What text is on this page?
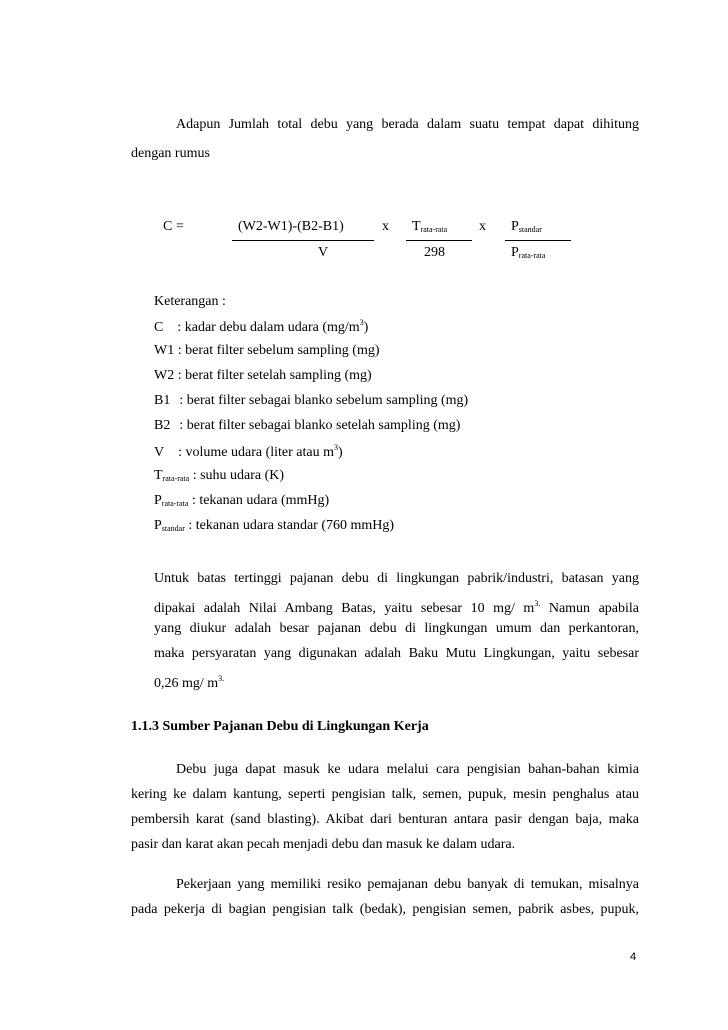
Adapun Jumlah total debu yang berada dalam suatu tempat dapat dihitung
dengan rumus
C =	(W2-W1)-(B2-B1)
V
x $T_{rata-rata}$
298
x $P_{standar}$
$P_{rata-rata}$
Keterangan :
C : kadar debu dalam udara $(mg/m^3)$
W1 : berat filter sebelum sampling (mg)
W2 : berat filter setelah sampling (mg)
B1 : berat filter sebagai blanko sebelum sampling (mg)
B2 : berat filter sebagai blanko setelah sampling (mg)
V : volume udara (liter atau $m^3$)
$T_{rata-rata}$ : suhu udara (K)
$P_{rata-rata}$ : tekanan udara (mmHg)
$P_{standar}$ : tekanan udara standar (760 mmHg)
Untuk batas tertinggi pajanan debu di lingkungan pabrik/industri, batasan yang
dipakai adalah Nilai Ambang Batas, yaitu sebesar 10 mg/ $m^{3.}$ Namun apabila
yang diukur adalah besar pajanan debu di lingkungan umum dan perkantoran,
maka persyaratan yang digunakan adalah Baku Mutu Lingkungan, yaitu sebesar
0,26 mg/ $m^{3.}$
1.1.3 Sumber Pajanan Debu di Lingkungan Kerja
Debu juga dapat masuk ke udara melalui cara pengisian bahan-bahan kimia
kering ke dalam kantung, seperti pengisian talk, semen, pupuk, mesin penghalus atau
pembersih karat (sand blasting). Akibat dari benturan antara pasir dengan baja, maka
pasir dan karat akan pecah menjadi debu dan masuk ke dalam udara.
Pekerjaan yang memiliki resiko pemajanan debu banyak di temukan, misalnya
pada pekerja di bagian pengisian talk (bedak), pengisian semen, pabrik asbes, pupuk,
4
